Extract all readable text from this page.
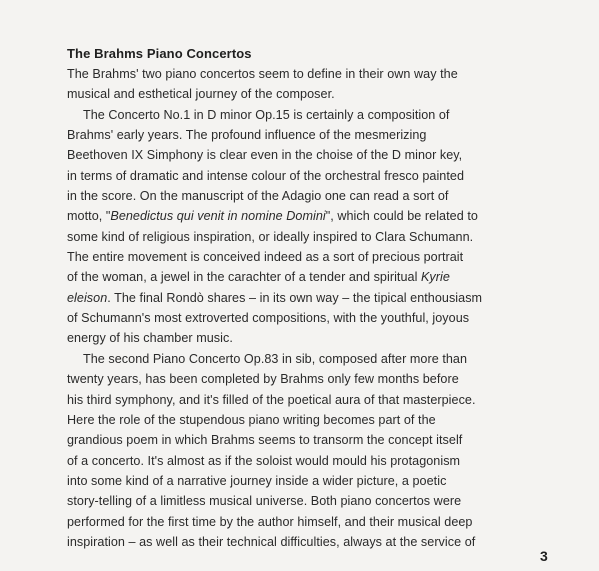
The Brahms Piano Concertos
The Brahms' two piano concertos seem to define in their own way the
musical and esthetical journey of the composer.
The Concerto No.1 in D minor Op.15 is certainly a composition of
Brahms' early years. The profound influence of the mesmerizing
Beethoven IX Simphony is clear even in the choise of the D minor key,
in terms of dramatic and intense colour of the orchestral fresco painted
in the score. On the manuscript of the Adagio one can read a sort of
motto, "Benedictus qui venit in nomine Domini", which could be related to
some kind of religious inspiration, or ideally inspired to Clara Schumann.
The entire movement is conceived indeed as a sort of precious portrait
of the woman, a jewel in the carachter of a tender and spiritual Kyrie
eleison. The final Rondò shares – in its own way – the tipical enthousiasm
of Schumann's most extroverted compositions, with the youthful, joyous
energy of his chamber music.
The second Piano Concerto Op.83 in sib, composed after more than
twenty years, has been completed by Brahms only few months before
his third symphony, and it's filled of the poetical aura of that masterpiece.
Here the role of the stupendous piano writing becomes part of the
grandious poem in which Brahms seems to transorm the concept itself
of a concerto. It's almost as if the soloist would mould his protagonism
into some kind of a narrative journey inside a wider picture, a poetic
story-telling of a limitless musical universe. Both piano concertos were
performed for the first time by the author himself, and their musical deep
inspiration – as well as their technical difficulties, always at the service of
3
